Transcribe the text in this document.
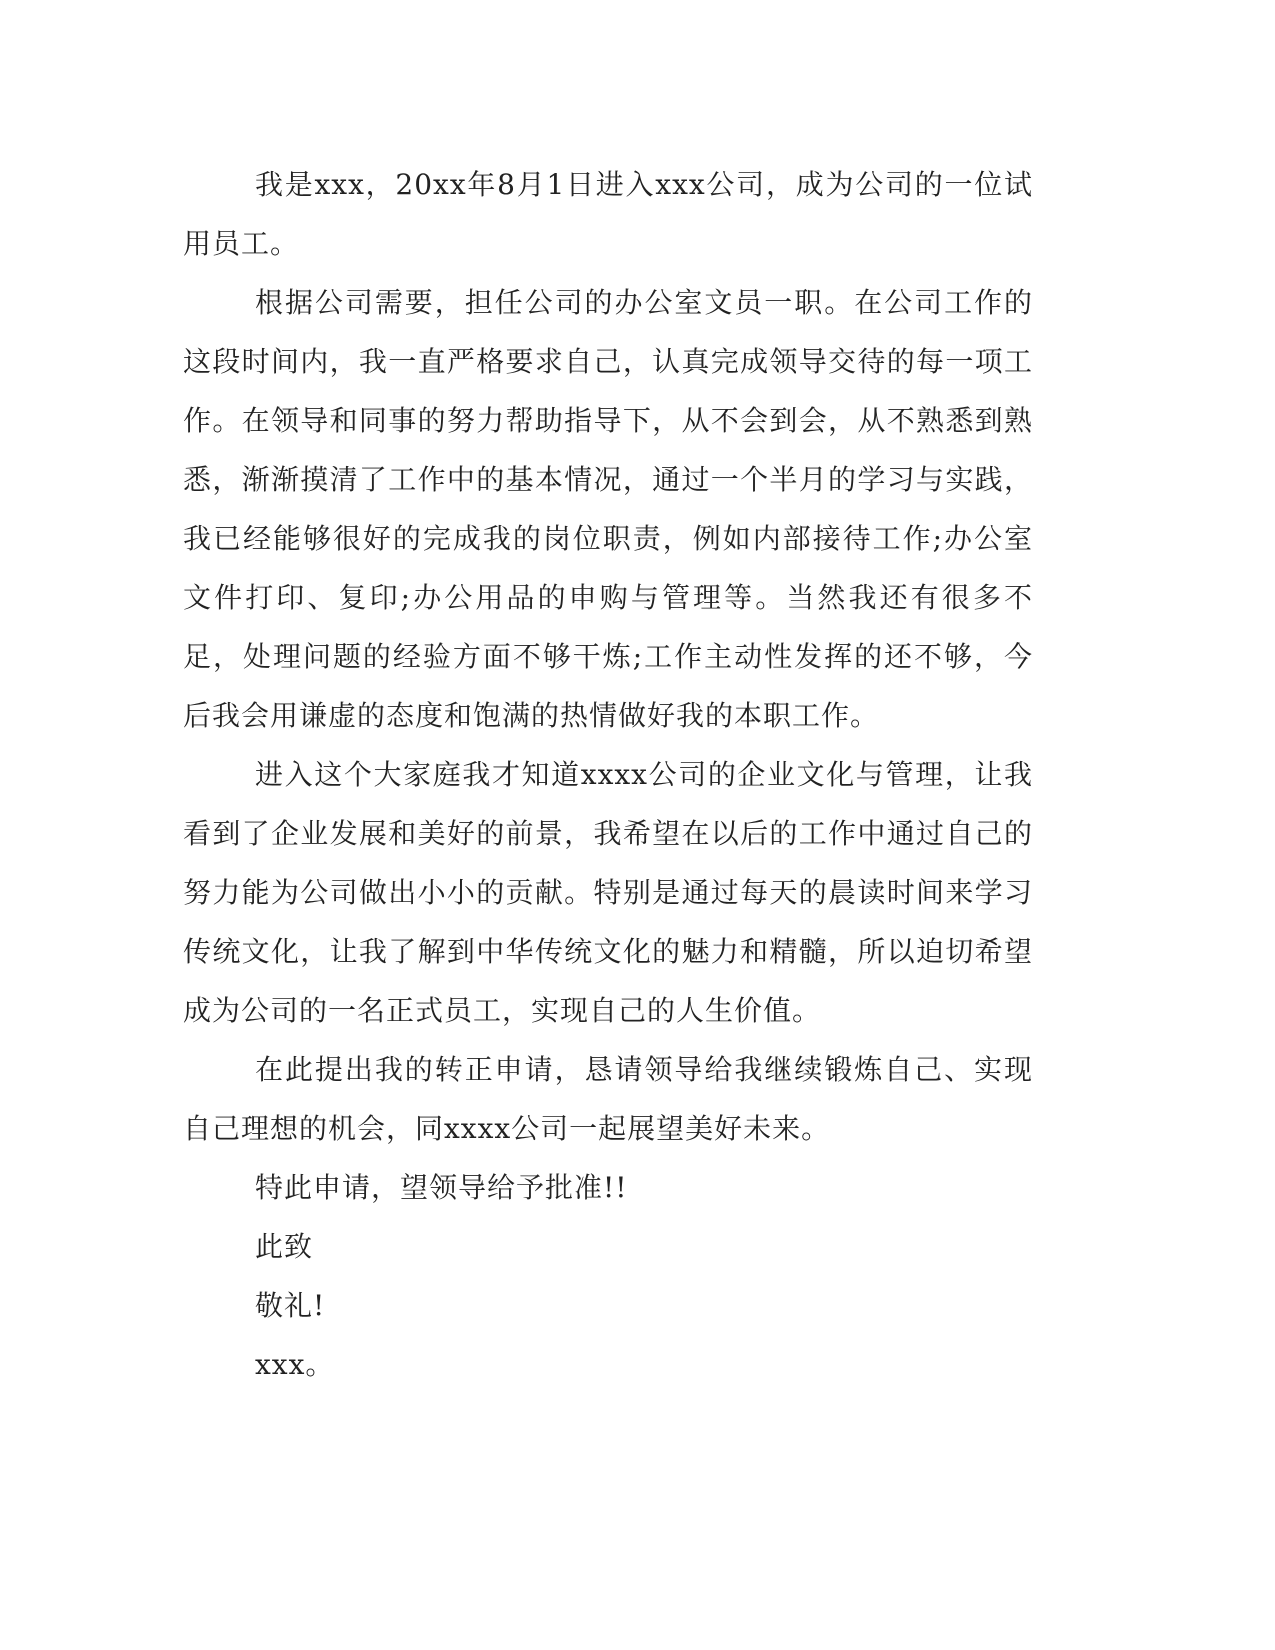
我是xxx，20xx年8月1日进入xxx公司，成为公司的一位试用员工。

根据公司需要，担任公司的办公室文员一职。在公司工作的这段时间内，我一直严格要求自己，认真完成领导交待的每一项工作。在领导和同事的努力帮助指导下，从不会到会，从不熟悉到熟悉，渐渐摸清了工作中的基本情况，通过一个半月的学习与实践，我已经能够很好的完成我的岗位职责，例如内部接待工作;办公室文件打印、复印;办公用品的申购与管理等。当然我还有很多不足，处理问题的经验方面不够干炼;工作主动性发挥的还不够，今后我会用谦虚的态度和饱满的热情做好我的本职工作。

进入这个大家庭我才知道xxxx公司的企业文化与管理，让我看到了企业发展和美好的前景，我希望在以后的工作中通过自己的努力能为公司做出小小的贡献。特别是通过每天的晨读时间来学习传统文化，让我了解到中华传统文化的魅力和精髓，所以迫切希望成为公司的一名正式员工，实现自己的人生价值。

在此提出我的转正申请，恳请领导给我继续锻炼自己、实现自己理想的机会，同xxxx公司一起展望美好未来。

特此申请，望领导给予批准!!

此致

敬礼!

xxx。
